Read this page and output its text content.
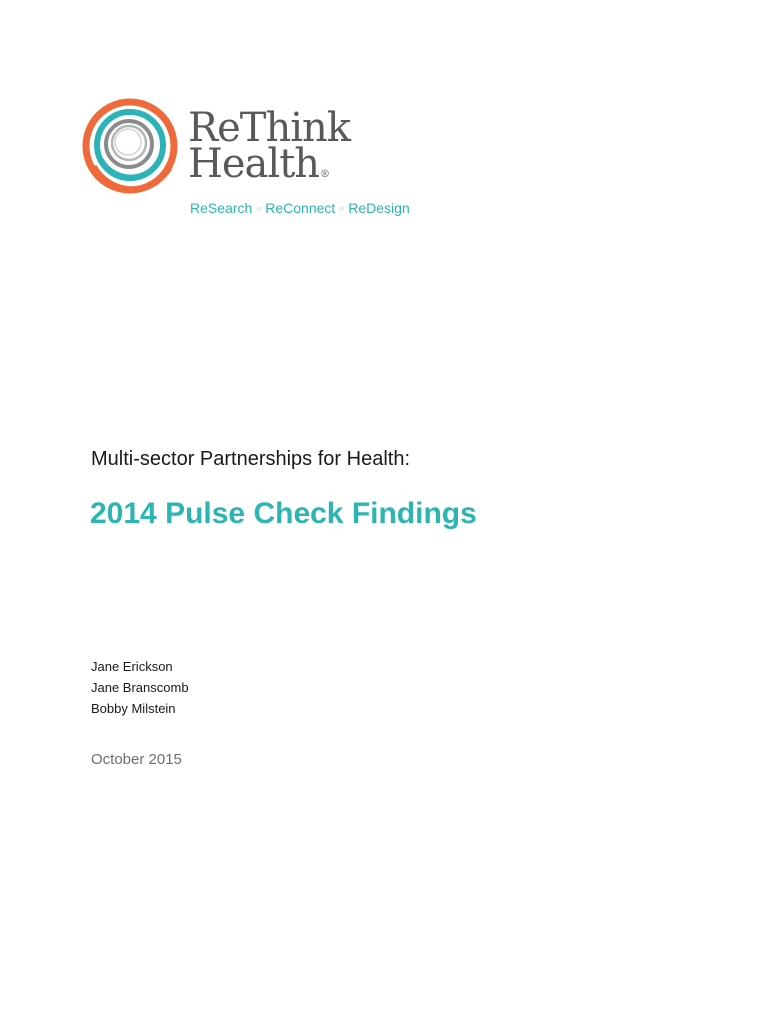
ReThink
Health®
ReSearch ◦ ReConnect ◦ ReDesign
Multi-sector Partnerships for Health:
2014 Pulse Check Findings
Jane Erickson
Jane Branscomb
Bobby Milstein
October 2015
